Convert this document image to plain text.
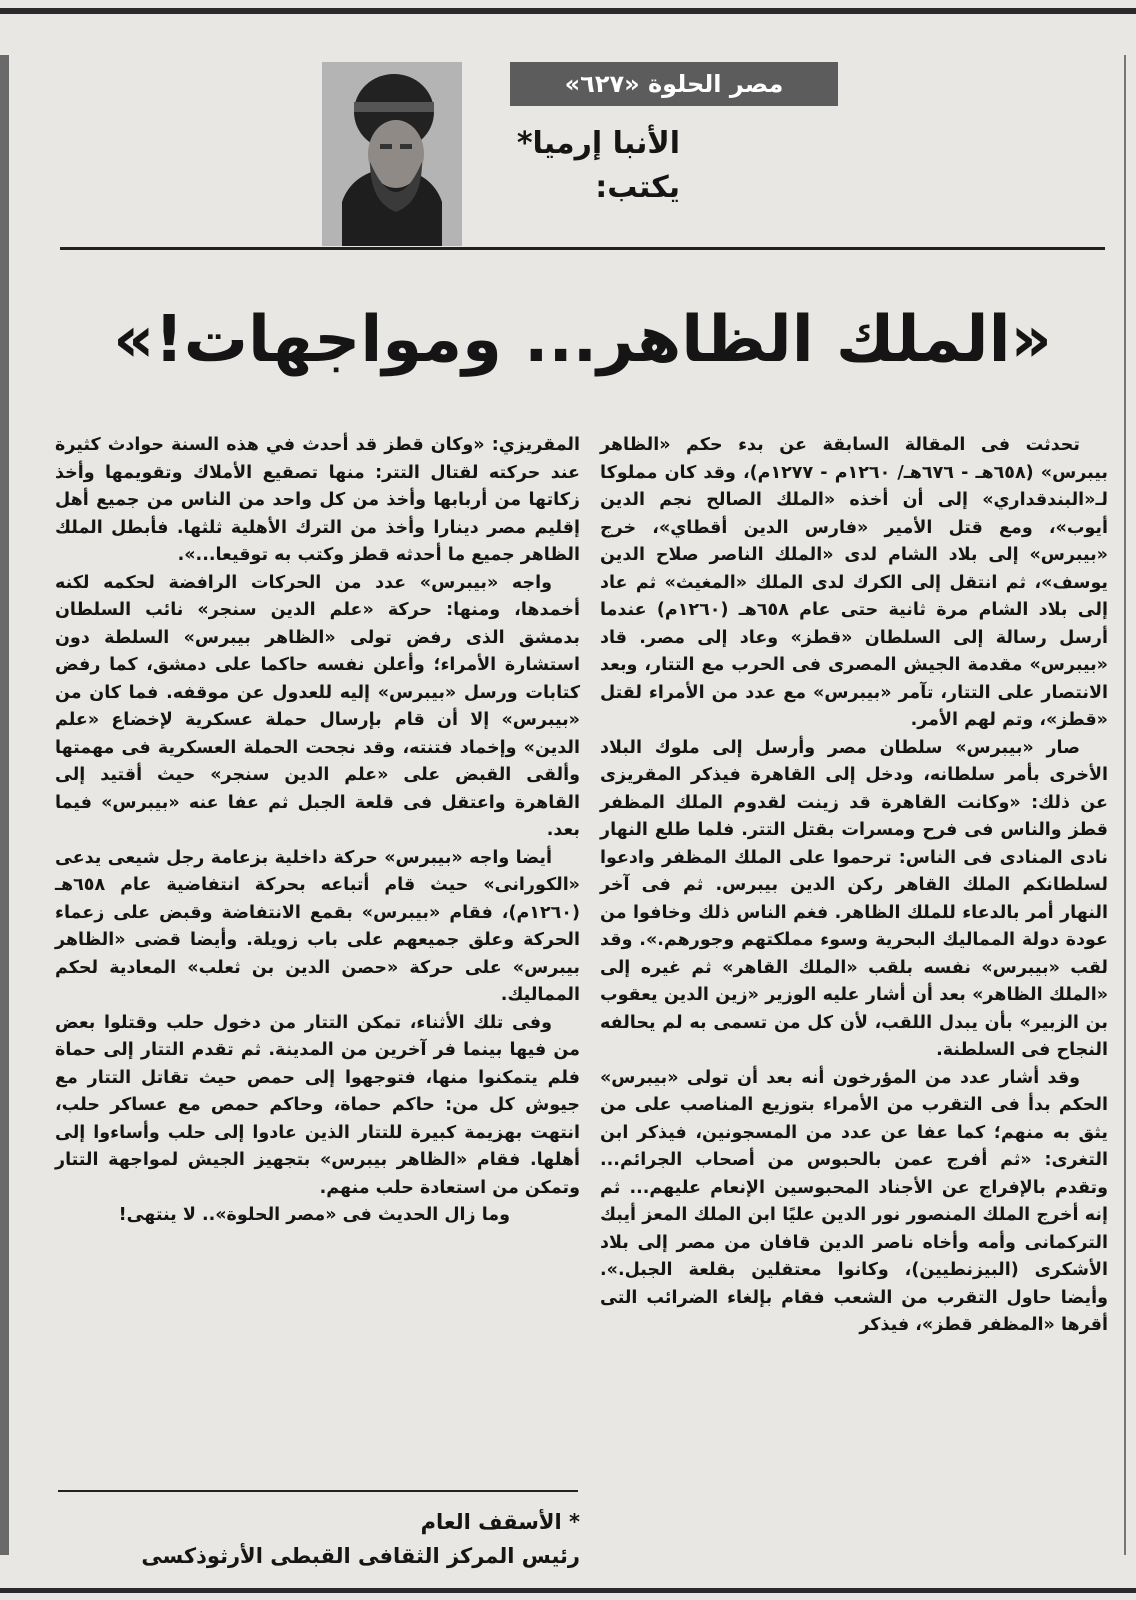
مصر الحلوة «٦٢٧»
الأنبا إرميا*
يكتب:
«الملك الظاهر... ومواجهات!»

تحدثت فى المقالة السابقة عن بدء حكم «الظاهر بيبرس» (٦٥٨هـ - ٦٧٦هـ/ ١٢٦٠م - ١٢٧٧م)، وقد كان مملوكا لـ«البندقداري» إلى أن أخذه «الملك الصالح نجم الدين أيوب»، ومع قتل الأمير «فارس الدين أقطاي»، خرج «بيبرس» إلى بلاد الشام لدى «الملك الناصر صلاح الدين يوسف»، ثم انتقل إلى الكرك لدى الملك «المغيث» ثم عاد إلى بلاد الشام مرة ثانية حتى عام ٦٥٨هـ (١٢٦٠م) عندما أرسل رسالة إلى السلطان «قطز» وعاد إلى مصر. قاد «بيبرس» مقدمة الجيش المصرى فى الحرب مع التتار، وبعد الانتصار على التتار، تآمر «بيبرس» مع عدد من الأمراء لقتل «قطز»، وتم لهم الأمر.

صار «بيبرس» سلطان مصر وأرسل إلى ملوك البلاد الأخرى بأمر سلطانه، ودخل إلى القاهرة فيذكر المقريزى عن ذلك: «وكانت القاهرة قد زينت لقدوم الملك المظفر قطز والناس فى فرح ومسرات بقتل التتر. فلما طلع النهار نادى المنادى فى الناس: ترحموا على الملك المظفر وادعوا لسلطانكم الملك القاهر ركن الدين بيبرس. ثم فى آخر النهار أمر بالدعاء للملك الظاهر. فغم الناس ذلك وخافوا من عودة دولة المماليك البحرية وسوء مملكتهم وجورهم.». وقد لقب «بيبرس» نفسه بلقب «الملك القاهر» ثم غيره إلى «الملك الظاهر» بعد أن أشار عليه الوزير «زين الدين يعقوب بن الزبير» بأن يبدل اللقب، لأن كل من تسمى به لم يحالفه النجاح فى السلطنة.

وقد أشار عدد من المؤرخون أنه بعد أن تولى «بيبرس» الحكم بدأ فى التقرب من الأمراء بتوزيع المناصب على من يثق به منهم؛ كما عفا عن عدد من المسجونين، فيذكر ابن التغرى: «ثم أفرج عمن بالحبوس من أصحاب الجرائم... وتقدم بالإفراج عن الأجناد المحبوسين الإنعام عليهم... ثم إنه أخرج الملك المنصور نور الدين عليًا ابن الملك المعز أيبك التركمانى وأمه وأخاه ناصر الدين قافان من مصر إلى بلاد الأشكرى (البيزنطيين)، وكانوا معتقلين بقلعة الجبل.». وأيضا حاول التقرب من الشعب فقام بإلغاء الضرائب التى أقرها «المظفر قطز»، فيذكر

المقريزي: «وكان قطز قد أحدث في هذه السنة حوادث كثيرة عند حركته لقتال التتر: منها تصقيع الأملاك وتقويمها وأخذ زكاتها من أربابها وأخذ من كل واحد من الناس من جميع أهل إقليم مصر دينارا وأخذ من الترك الأهلية ثلثها. فأبطل الملك الظاهر جميع ما أحدثه قطز وكتب به توقيعا...».

واجه «بيبرس» عدد من الحركات الرافضة لحكمه لكنه أخمدها، ومنها: حركة «علم الدين سنجر» نائب السلطان بدمشق الذى رفض تولى «الظاهر بيبرس» السلطة دون استشارة الأمراء؛ وأعلن نفسه حاكما على دمشق، كما رفض كتابات ورسل «بيبرس» إليه للعدول عن موقفه. فما كان من «بيبرس» إلا أن قام بإرسال حملة عسكرية لإخضاع «علم الدين» وإخماد فتنته، وقد نجحت الحملة العسكرية فى مهمتها وألقى القبض على «علم الدين سنجر» حيث أقتيد إلى القاهرة واعتقل فى قلعة الجبل ثم عفا عنه «بيبرس» فيما بعد.

أيضا واجه «بيبرس» حركة داخلية بزعامة رجل شيعى يدعى «الكورانى» حيث قام أتباعه بحركة انتفاضية عام ٦٥٨هـ (١٢٦٠م)، فقام «بيبرس» بقمع الانتفاضة وقبض على زعماء الحركة وعلق جميعهم على باب زويلة. وأيضا قضى «الظاهر بيبرس» على حركة «حصن الدين بن ثعلب» المعادية لحكم المماليك.

وفى تلك الأثناء، تمكن التتار من دخول حلب وقتلوا بعض من فيها بينما فر آخرين من المدينة. ثم تقدم التتار إلى حماة فلم يتمكنوا منها، فتوجهوا إلى حمص حيث تقاتل التتار مع جيوش كل من: حاكم حماة، وحاكم حمص مع عساكر حلب، انتهت بهزيمة كبيرة للتتار الذين عادوا إلى حلب وأساءوا إلى أهلها. فقام «الظاهر بيبرس» بتجهيز الجيش لمواجهة التتار وتمكن من استعادة حلب منهم.

وما زال الحديث فى «مصر الحلوة».. لا ينتهى!

* الأسقف العام
رئيس المركز الثقافى القبطى الأرثوذكسى
